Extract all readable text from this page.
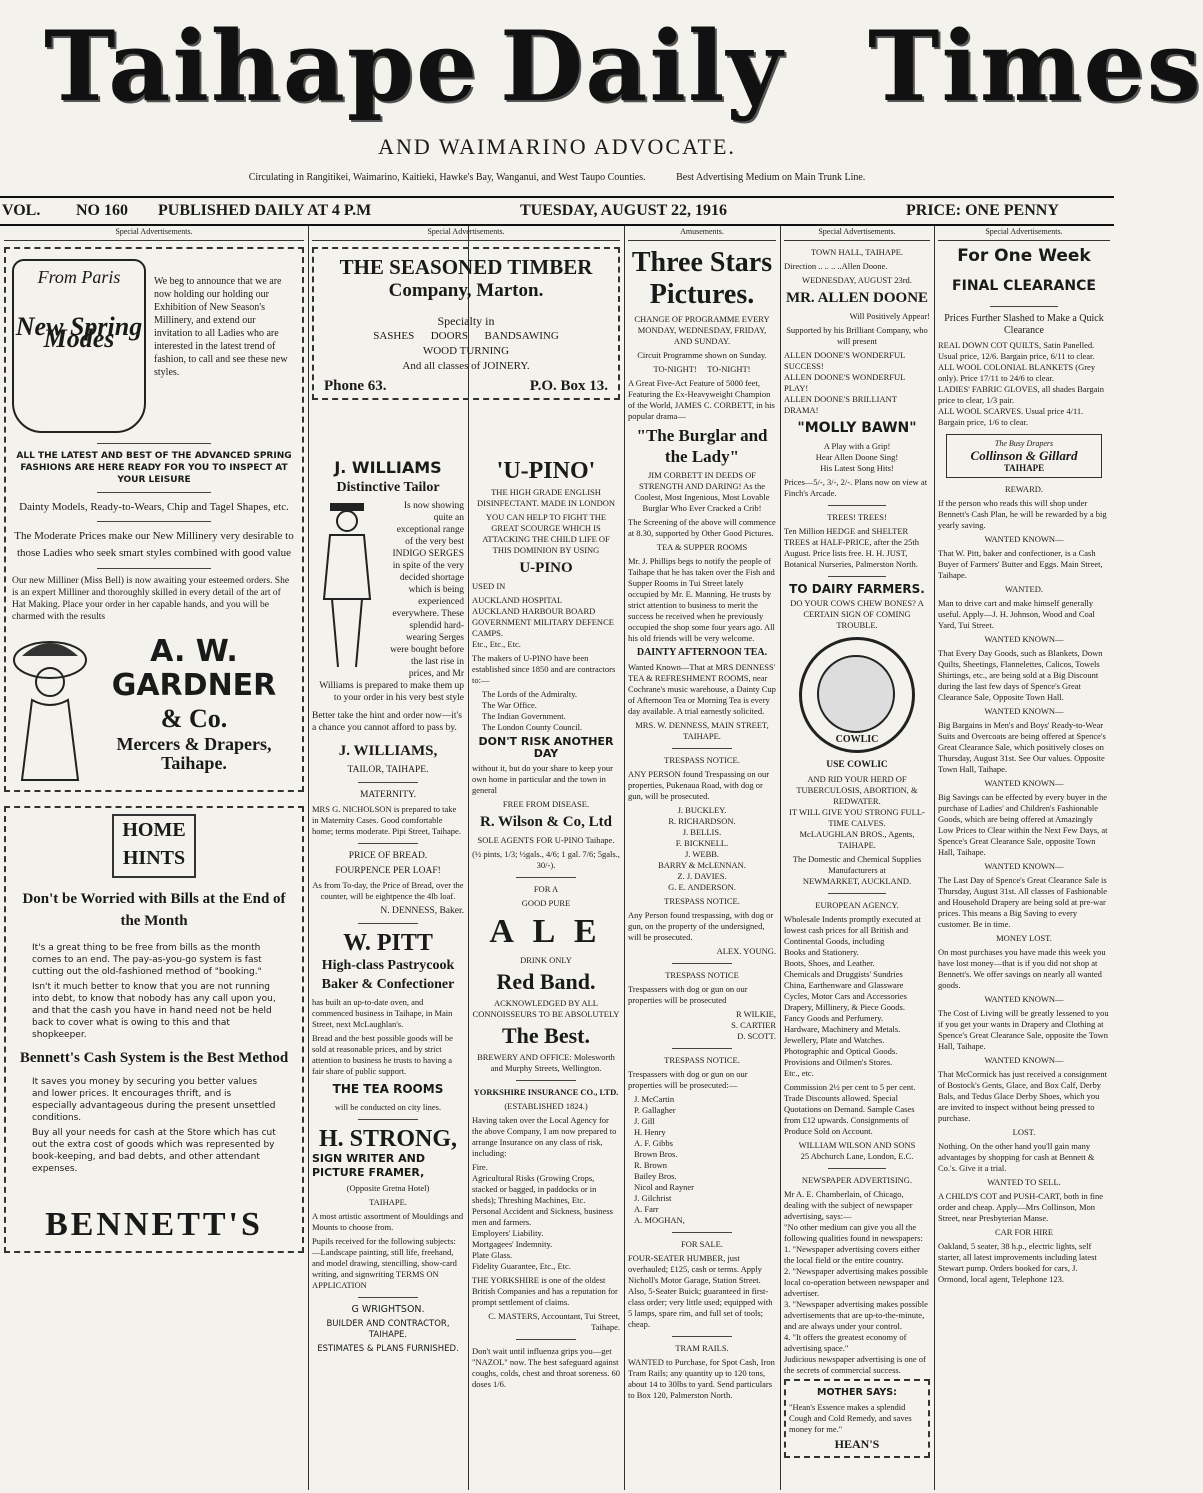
Taihape Daily Times
AND WAIMARINO ADVOCATE.
Circulating in Rangitikei, Waimarino, Kaitieki, Hawke's Bay, Wanganui, and West Taupo Counties.	Best Advertising Medium on Main Trunk Line.
VOL. NO 160 PUBLISHED DAILY AT 4 P.M	TUESDAY, AUGUST 22, 1916	PRICE: ONE PENNY
Special Advertisements.
From Paris
New Spring Modes

We beg to announce that we are now holding our holding our Exhibition of New Season's Millinery, and extend our invitation to all Ladies who are interested in the latest trend of fashion, to call and see these new styles.

ALL THE LATEST AND BEST OF THE ADVANCED SPRING FASHIONS ARE HERE READY FOR YOU TO INSPECT AT YOUR LEISURE

Dainty Models, Ready-to-Wears, Chip and Tagel Shapes, etc.

The Moderate Prices make our New Millinery very desirable to those Ladies who seek smart styles combined with good value

Our new Milliner (Miss Bell) is now awaiting your esteemed orders. She is an expert Milliner and thoroughly skilled in every detail of the art of Hat Making. Place your order in her capable hands, and you will be charmed with the results

A. W. GARDNER
& Co.
Mercers & Drapers,
Taihape.
HOME HINTS
Don't be Worried with Bills at the End of the Month

It's a great thing to be free from bills as the month comes to an end. The pay-as-you-go system is fast cutting out the old-fashioned method of "booking."

Isn't it much better to know that you are not running into debt, to know that nobody has any call upon you, and that the cash you have in hand need not be held back to cover what is owing to this and that shopkeeper.

Bennett's Cash System is the Best Method

It saves you money by securing you better values and lower prices. It encourages thrift, and is especially advantageous during the present unsettled conditions.

Buy all your needs for cash at the Store which has cut out the extra cost of goods which was represented by book-keeping, and bad debts, and other attendant expenses.

BENNETT'S
Special Advertisements.
THE SEASONED TIMBER
Company, Marton.

Specialty in

SASHES      DOORS      BANDSAWING

WOOD TURNING

And all classes of JOINERY.

Phone 63.	P.O. Box 13.
J. WILLIAMS
Distinctive Tailor

Is now showing quite an exceptional range of the very best INDIGO SERGES in spite of the very decided shortage which is being experienced everywhere. These splendid hard-wearing Serges were bought before the last rise in prices, and Mr Williams is prepared to make them up to your order in his very best style

Better take the hint and order now—it's a chance you cannot afford to pass by.

J. WILLIAMS,

TAILOR, TAIHAPE.

MATERNITY.

MRS G. NICHOLSON is prepared to take in Maternity Cases. Good comfortable home; terms moderate. Pipi Street, Taihape.

PRICE OF BREAD.

FOURPENCE PER LOAF!

As from To-day, the Price of Bread, over the counter, will be eightpence the 4lb loaf.

N. DENNESS, Baker.

W. PITT
High-class Pastrycook Baker & Confectioner

has built an up-to-date oven, and commenced business in Taihape, in Main Street, next McLaughlan's.

Bread and the best possible goods will be sold at reasonable prices, and by strict attention to business he trusts to having a fair share of public support.

THE TEA ROOMS

will be conducted on city lines.

H. STRONG,
SIGN WRITER AND PICTURE FRAMER,

(Opposite Gretna Hotel)

TAIHAPE.

A most artistic assortment of Mouldings and Mounts to choose from.

Pupils received for the following subjects:—Landscape painting, still life, freehand, and model drawing, stencilling, show-card writing, and signwriting TERMS ON APPLICATION

G WRIGHTSON.

BUILDER AND CONTRACTOR, TAIHAPE.

ESTIMATES & PLANS FURNISHED.

'U-PINO'

THE HIGH GRADE ENGLISH DISINFECTANT. MADE IN LONDON

YOU CAN HELP TO FIGHT THE GREAT SCOURGE WHICH IS ATTACKING THE CHILD LIFE OF THIS DOMINION BY USING

U-PINO

USED IN

AUCKLAND HOSPITAL
AUCKLAND HARBOUR BOARD
GOVERNMENT MILITARY DEFENCE CAMPS.
Etc., Etc., Etc.

The makers of U-PINO have been established since 1850 and are contractors to:—

The Lords of the Admiralty.
The War Office.
The Indian Government.
The London County Council.

DON'T RISK ANOTHER DAY

without it, but do your share to keep your own home in particular and the town in general

FREE FROM DISEASE.

R. Wilson & Co, Ltd

SOLE AGENTS FOR U-PINO Taihape.

(½ pints, 1/3; ½gals., 4/6; 1 gal. 7/6; 5gals., 30/-).

FOR A

GOOD PURE

A L E

DRINK ONLY

Red Band.

ACKNOWLEDGED BY ALL CONNOISSEURS TO BE ABSOLUTELY

The Best.

BREWERY AND OFFICE: Molesworth and Murphy Streets, Wellington.

YORKSHIRE INSURANCE CO., LTD.

(ESTABLISHED 1824.)

Having taken over the Local Agency for the above Company, I am now prepared to arrange Insurance on any class of risk, including:

Fire.
Agricultural Risks (Growing Crops, stacked or bagged, in paddocks or in sheds); Threshing Machines, Etc.
Personal Accident and Sickness, business men and farmers.
Employers' Liability.
Mortgagees' Indemnity.
Plate Glass.
Fidelity Guarantee, Etc., Etc.

THE YORKSHIRE is one of the oldest British Companies and has a reputation for prompt settlement of claims.

C. MASTERS, Accountant, Tui Street, Taihape.

Don't wait until influenza grips you—get "NAZOL" now. The best safeguard against coughs, colds, chest and throat soreness. 60 doses 1/6.

Amusements.
Three Stars
Pictures.

CHANGE OF PROGRAMME EVERY MONDAY, WEDNESDAY, FRIDAY, AND SUNDAY.

Circuit Programme shown on Sunday.

TO-NIGHT!     TO-NIGHT!

A Great Five-Act Feature of 5000 feet, Featuring the Ex-Heavyweight Champion of the World, JAMES C. CORBETT, in his popular drama—

"The Burglar and the Lady"

JIM CORBETT IN DEEDS OF STRENGTH AND DARING! As the Coolest, Most Ingenious, Most Lovable Burglar Who Ever Cracked a Crib!

The Screening of the above will commence at 8.30, supported by Other Good Pictures.

TEA & SUPPER ROOMS

Mr. J. Phillips begs to notify the people of Taihape that he has taken over the Fish and Supper Rooms in Tui Street lately occupied by Mr. E. Manning. He trusts by strict attention to business to merit the success he received when he previously occupied the shop some four years ago. All his old friends will be very welcome.

DAINTY AFTERNOON TEA.

Wanted Known—That at MRS DENNESS' TEA & REFRESHMENT ROOMS, near Cochrane's music warehouse, a Dainty Cup of Afternoon Tea or Morning Tea is every day available. A trial earnestly solicited.

MRS. W. DENNESS, MAIN STREET, TAIHAPE.

TRESPASS NOTICE.

ANY PERSON found Trespassing on our properties, Pukenaua Road, with dog or gun, will be prosecuted.

J. BUCKLEY.
R. RICHARDSON.
J. BELLIS.
F. BICKNELL.
J. WEBB.
BARRY & McLENNAN.
Z. J. DAVIES.
G. E. ANDERSON.

TRESPASS NOTICE.

Any Person found trespassing, with dog or gun, on the property of the undersigned, will be prosecuted.

ALEX. YOUNG.

TRESPASS NOTICE

Trespassers with dog or gun on our properties will be prosecuted

R WILKIE,
S. CARTIER
D. SCOTT.

TRESPASS NOTICE.

Trespassers with dog or gun on our properties will be prosecuted:—

J. McCartin
P. Gallagher
J. Gill
H. Henry
A. F. Gibbs
Brown Bros.
R. Brown
Bailey Bros.
Nicol and Rayner
J. Gilchrist
A. Farr
A. MOGHAN,

FOR SALE.

FOUR-SEATER HUMBER, just overhauled; £125, cash or terms. Apply Nicholl's Motor Garage, Station Street. Also, 5-Seater Buick; guaranteed in first-class order; very little used; equipped with 5 lamps, spare rim, and full set of tools; cheap.

TRAM RAILS.

WANTED to Purchase, for Spot Cash, Iron Tram Rails; any quantity up to 120 tons, about 14 to 30lbs to yard. Send particulars to Box 120, Palmerston North.

Special Advertisements.

TOWN HALL, TAIHAPE.

Direction .. .. .. ..Allen Doone.

WEDNESDAY, AUGUST 23rd.

MR. ALLEN DOONE

Will Positively Appear!

Supported by his Brilliant Company, who will present

ALLEN DOONE'S WONDERFUL SUCCESS!
ALLEN DOONE'S WONDERFUL PLAY!
ALLEN DOONE'S BRILLIANT DRAMA!

"MOLLY BAWN"

A Play with a Grip!
Hear Allen Doone Sing!
His Latest Song Hits!

Prices—5/-, 3/-, 2/-. Plans now on view at Finch's Arcade.

TREES! TREES!

Ten Million HEDGE and SHELTER TREES at HALF-PRICE, after the 25th August. Price lists free. H. H. JUST, Botanical Nurseries, Palmerston North.

TO DAIRY FARMERS.

DO YOUR COWS CHEW BONES? A CERTAIN SIGN OF COMING TROUBLE.

COWLIC

USE COWLIC

AND RID YOUR HERD OF TUBERCULOSIS, ABORTION, & REDWATER.
IT WILL GIVE YOU STRONG FULL-TIME CALVES.
McLAUGHLAN BROS., Agents, TAIHAPE.

The Domestic and Chemical Supplies Manufacturers at
NEWMARKET, AUCKLAND.

EUROPEAN AGENCY.

Wholesale Indents promptly executed at lowest cash prices for all British and Continental Goods, including
Books and Stationery.
Boots, Shoes, and Leather.
Chemicals and Druggists' Sundries
China, Earthenware and Glassware
Cycles, Motor Cars and Accessories
Drapery, Millinery, & Piece Goods.
Fancy Goods and Perfumery.
Hardware, Machinery and Metals.
Jewellery, Plate and Watches.
Photographic and Optical Goods.
Provisions and Oilmen's Stores.
Etc., etc.

Commission 2½ per cent to 5 per cent. Trade Discounts allowed. Special Quotations on Demand. Sample Cases from £12 upwards. Consignments of Produce Sold on Account.

WILLIAM WILSON AND SONS
25 Abchurch Lane, London, E.C.

NEWSPAPER ADVERTISING.

Mr A. E. Chamberlain, of Chicago, dealing with the subject of newspaper advertising, says:—
"No other medium can give you all the following qualities found in newspapers:
1. "Newspaper advertising covers either the local field or the entire country.
2. "Newspaper advertising makes possible local co-operation between newspaper and advertiser.
3. "Newspaper advertising makes possible advertisements that are up-to-the-minute, and are always under your control.
4. "It offers the greatest economy of advertising space."
Judicious newspaper advertising is one of the secrets of commercial success.

MOTHER SAYS:

"Hean's Essence makes a splendid Cough and Cold Remedy, and saves money for me."

HEAN'S

Special Advertisements.
For One Week
FINAL CLEARANCE

Prices Further Slashed to Make a Quick Clearance

REAL DOWN COT QUILTS, Satin Panelled. Usual price, 12/6. Bargain price, 6/11 to clear.
ALL WOOL COLONIAL BLANKETS (Grey only). Price 17/11 to 24/6 to clear.
LADIES' FABRIC GLOVES, all shades Bargain price to clear, 1/3 pair.
ALL WOOL SCARVES. Usual price 4/11. Bargain price, 1/6 to clear.

The Busy Drapers
Collinson & Gillard
TAIHAPE

REWARD.

If the person who reads this will shop under Bennett's Cash Plan, he will be rewarded by a big yearly saving.

WANTED KNOWN—

That W. Pitt, baker and confectioner, is a Cash Buyer of Farmers' Butter and Eggs. Main Street, Taihape.

WANTED.

Man to drive cart and make himself generally useful. Apply—J. H. Johnson, Wood and Coal Yard, Tui Street.

WANTED KNOWN—

That Every Day Goods, such as Blankets, Down Quilts, Sheetings, Flannelettes, Calicos, Towels Shirtings, etc., are being sold at a Big Discount during the last few days of Spence's Great Clearance Sale, Opposite Town Hall.

WANTED KNOWN—

Big Bargains in Men's and Boys' Ready-to-Wear Suits and Overcoats are being offered at Spence's Great Clearance Sale, which positively closes on Thursday, August 31st. See Our values. Opposite Town Hall, Taihape.

WANTED KNOWN—

Big Savings can be effected by every buyer in the purchase of Ladies' and Children's Fashionable Goods, which are being offered at Amazingly Low Prices to Clear within the Next Few Days, at Spence's Great Clearance Sale, opposite Town Hall, Taihape.

WANTED KNOWN—

The Last Day of Spence's Great Clearance Sale is Thursday, August 31st. All classes of Fashionable and Household Drapery are being sold at pre-war prices. This means a Big Saving to every customer. Be in time.

MONEY LOST.

On most purchases you have made this week you have lost money—that is if you did not shop at Bennett's. We offer savings on nearly all wanted goods.

WANTED KNOWN—

The Cost of Living will be greatly lessened to you if you get your wants in Drapery and Clothing at Spence's Great Clearance Sale, opposite the Town Hall, Taihape.

WANTED KNOWN—

That McCormick has just received a consignment of Bostock's Gents, Glace, and Box Calf, Derby Bals, and Tedus Glace Derby Shoes, which you are invited to inspect without being pressed to purchase.

LOST.

Nothing. On the other hand you'll gain many advantages by shopping for cash at Bennett & Co.'s. Give it a trial.

WANTED TO SELL.

A CHILD'S COT and PUSH-CART, both in fine order and cheap. Apply—Mrs Collinson, Mon Street, near Presbyterian Manse.

CAR FOR HIRE

Oakland, 5 seater, 38 h.p., electric lights, self starter, all latest improvements including latest Stewart pump. Orders booked for cars, J. Ormond, local agent, Telephone 123.
